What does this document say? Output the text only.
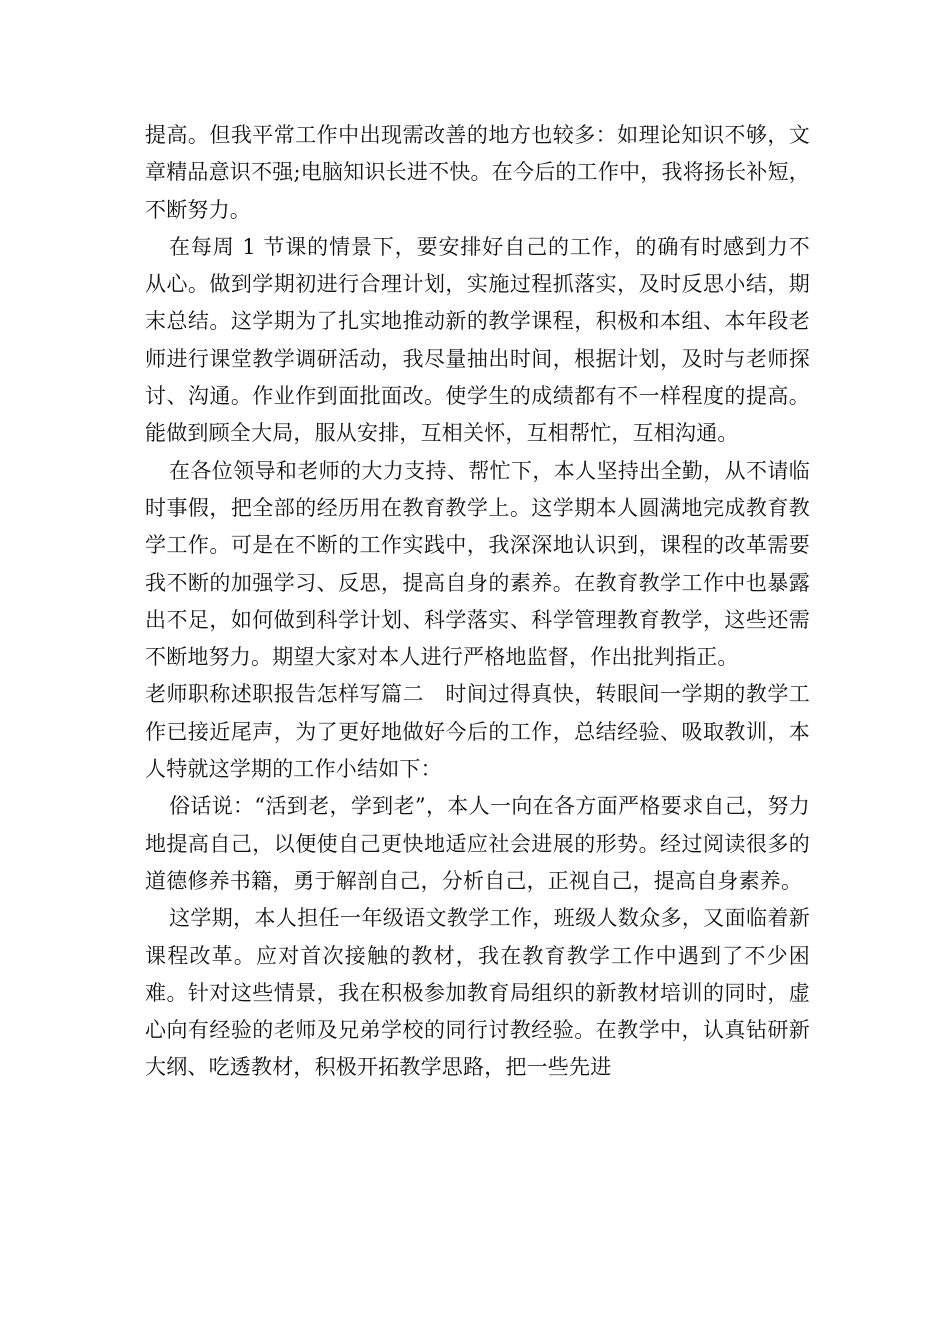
提高。但我平常工作中出现需改善的地方也较多：如理论知识不够，文章精品意识不强;电脑知识长进不快。在今后的工作中，我将扬长补短，不断努力。

在每周 1 节课的情景下，要安排好自己的工作，的确有时感到力不从心。做到学期初进行合理计划，实施过程抓落实，及时反思小结，期末总结。这学期为了扎实地推动新的教学课程，积极和本组、本年段老师进行课堂教学调研活动，我尽量抽出时间，根据计划，及时与老师探讨、沟通。作业作到面批面改。使学生的成绩都有不一样程度的提高。能做到顾全大局，服从安排，互相关怀，互相帮忙，互相沟通。

在各位领导和老师的大力支持、帮忙下，本人坚持出全勤，从不请临时事假，把全部的经历用在教育教学上。这学期本人圆满地完成教育教学工作。可是在不断的工作实践中，我深深地认识到，课程的改革需要我不断的加强学习、反思，提高自身的素养。在教育教学工作中也暴露出不足，如何做到科学计划、科学落实、科学管理教育教学，这些还需不断地努力。期望大家对本人进行严格地监督，作出批判指正。

老师职称述职报告怎样写篇二　时间过得真快，转眼间一学期的教学工作已接近尾声，为了更好地做好今后的工作，总结经验、吸取教训，本人特就这学期的工作小结如下：

俗话说：“活到老，学到老”，本人一向在各方面严格要求自己，努力地提高自己，以便使自己更快地适应社会进展的形势。经过阅读很多的道德修养书籍，勇于解剖自己，分析自己，正视自己，提高自身素养。

这学期，本人担任一年级语文教学工作，班级人数众多，又面临着新课程改革。应对首次接触的教材，我在教育教学工作中遇到了不少困难。针对这些情景，我在积极参加教育局组织的新教材培训的同时，虚心向有经验的老师及兄弟学校的同行讨教经验。在教学中，认真钻研新大纲、吃透教材，积极开拓教学思路，把一些先进
